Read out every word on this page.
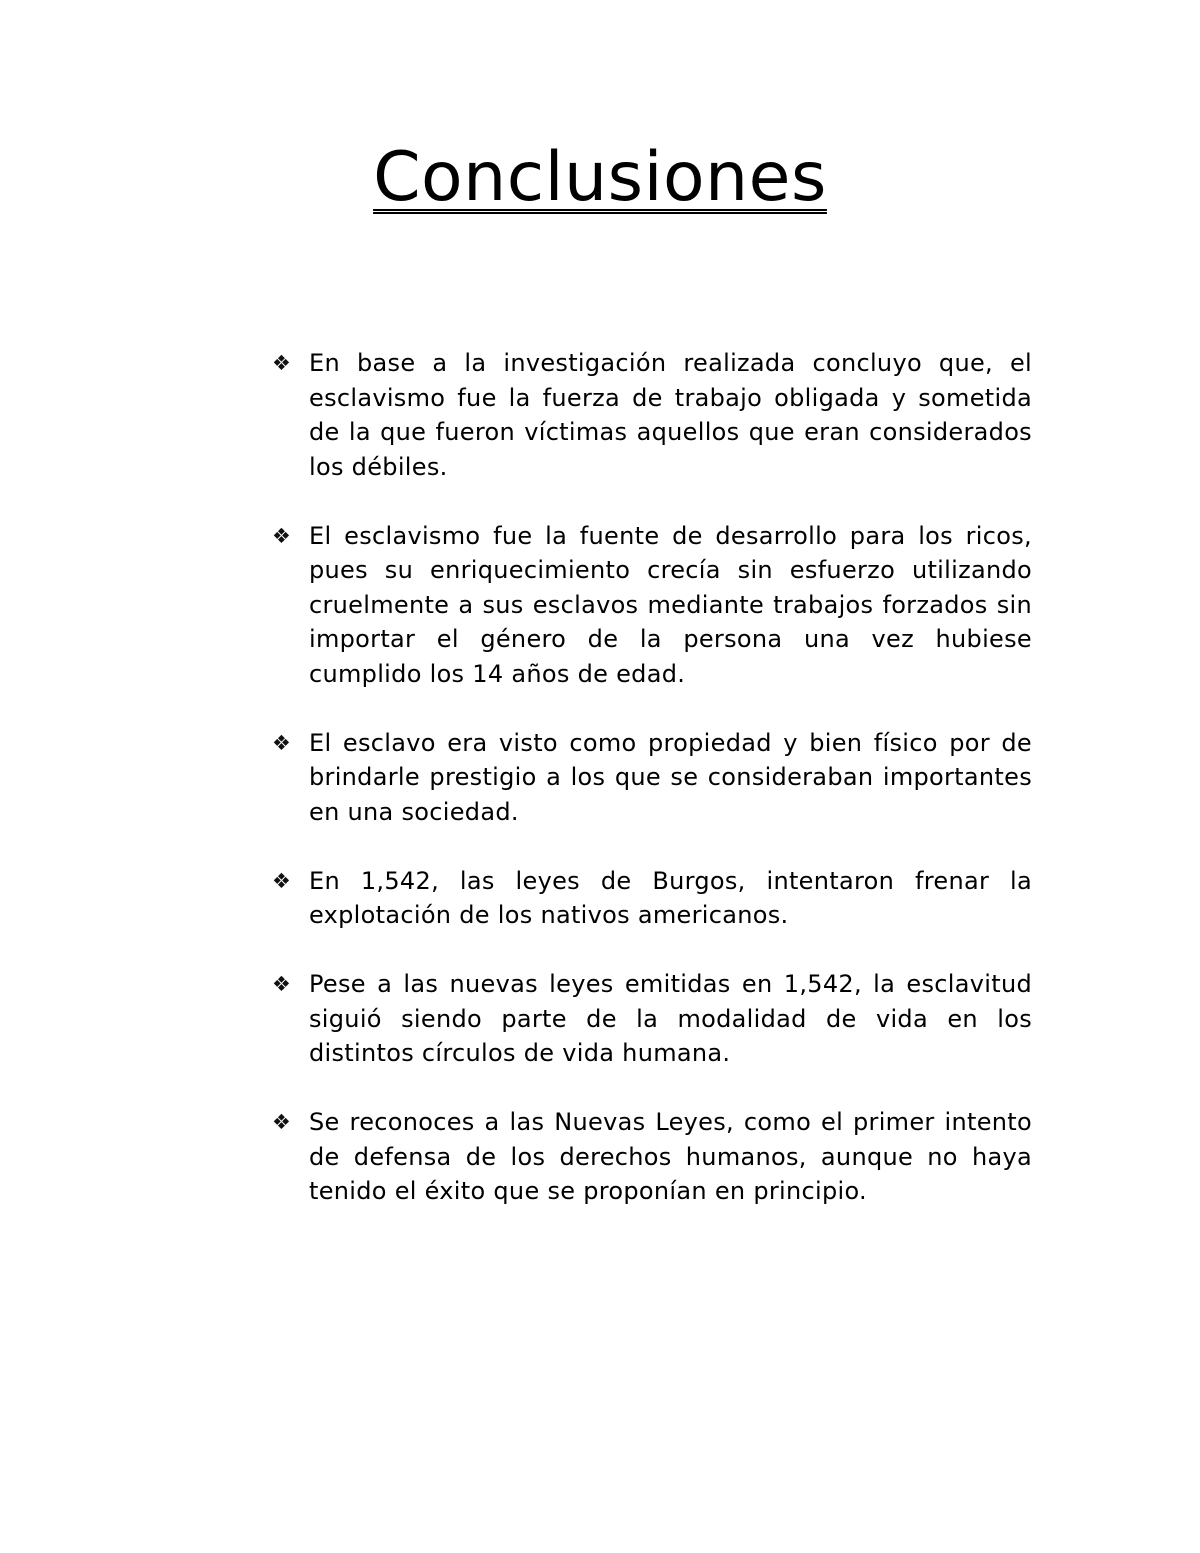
Conclusiones
❖ En base a la investigación realizada concluyo que, el esclavismo fue la fuerza de trabajo obligada y sometida de la que fueron víctimas aquellos que eran considerados los débiles.
❖ El esclavismo fue la fuente de desarrollo para los ricos, pues su enriquecimiento crecía sin esfuerzo utilizando cruelmente a sus esclavos mediante trabajos forzados sin importar el género de la persona una vez hubiese cumplido los 14 años de edad.
❖ El esclavo era visto como propiedad y bien físico por de brindarle prestigio a los que se consideraban importantes en una sociedad.
❖ En 1,542, las leyes de Burgos, intentaron frenar la explotación de los nativos americanos.
❖ Pese a las nuevas leyes emitidas en 1,542, la esclavitud siguió siendo parte de la modalidad de vida en los distintos círculos de vida humana.
❖ Se reconoces a las Nuevas Leyes, como el primer intento de defensa de los derechos humanos, aunque no haya tenido el éxito que se proponían en principio.
